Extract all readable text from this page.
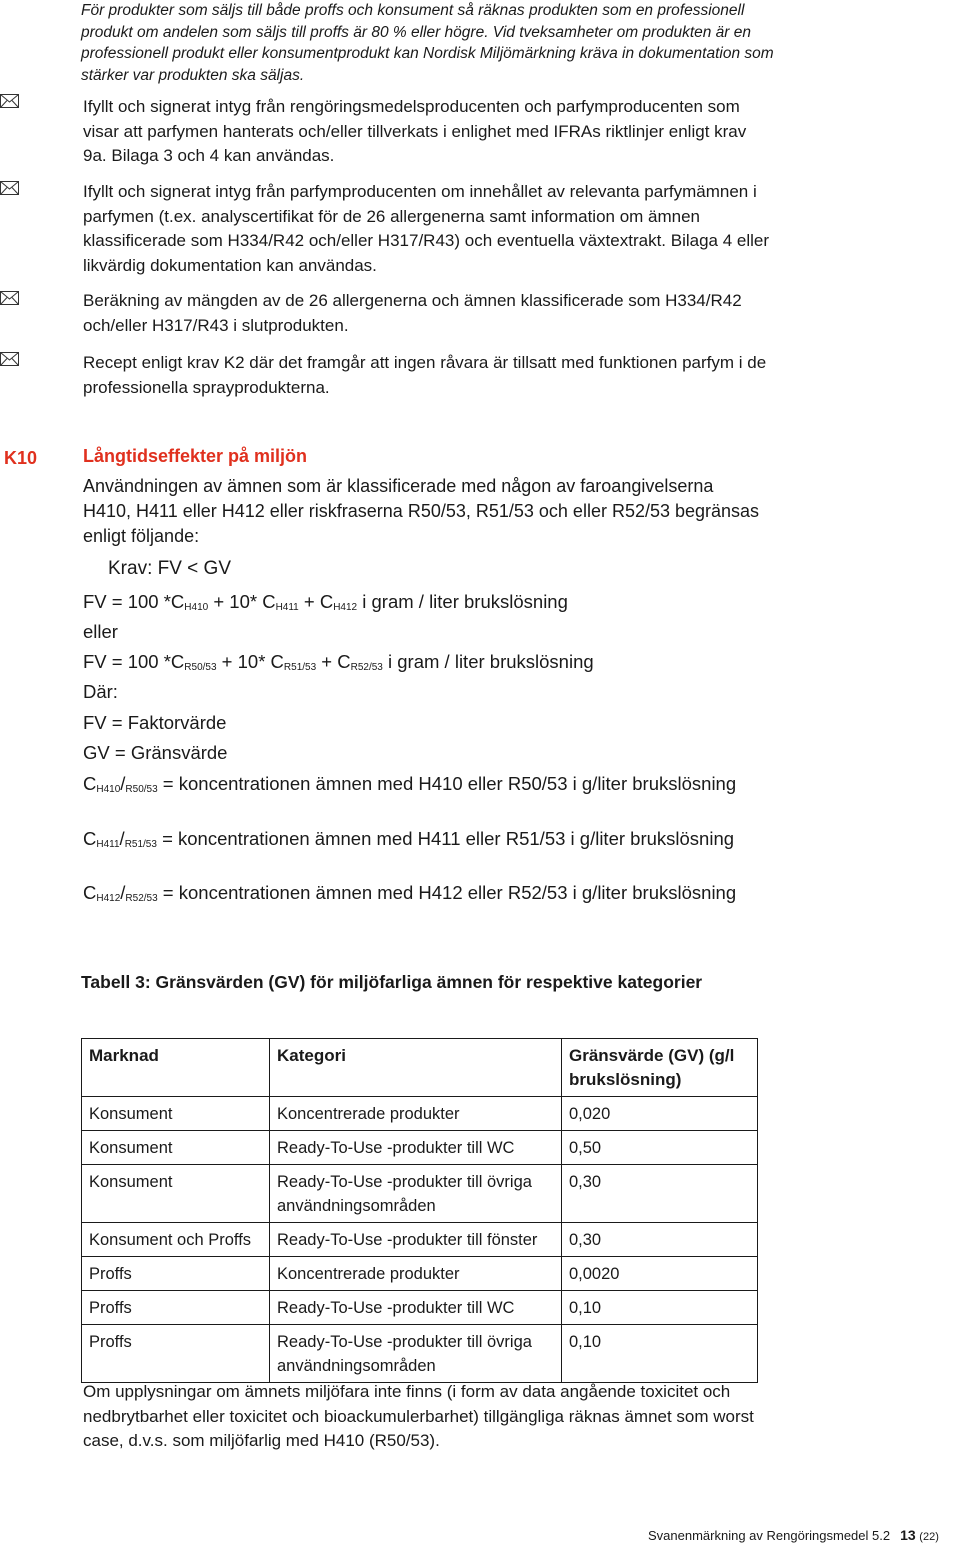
För produkter som säljs till både proffs och konsument så räknas produkten som en professionell produkt om andelen som säljs till proffs är 80 % eller högre. Vid tveksamheter om produkten är en professionell produkt eller konsumentprodukt kan Nordisk Miljömärkning kräva in dokumentation som stärker var produkten ska säljas.
Ifyllt och signerat intyg från rengöringsmedelsproducenten och parfymproducenten som visar att parfymen hanterats och/eller tillverkats i enlighet med IFRAs riktlinjer enligt krav 9a. Bilaga 3 och 4 kan användas.
Ifyllt och signerat intyg från parfymproducenten om innehållet av relevanta parfymämnen i parfymen (t.ex. analyscertifikat för de 26 allergenerna samt information om ämnen klassificerade som H334/R42 och/eller H317/R43) och eventuella växtextrakt. Bilaga 4 eller likvärdig dokumentation kan användas.
Beräkning av mängden av de 26 allergenerna och ämnen klassificerade som H334/R42 och/eller H317/R43 i slutprodukten.
Recept enligt krav K2 där det framgår att ingen råvara är tillsatt med funktionen parfym i de professionella sprayprodukterna.
K10	Långtidseffekter på miljön
Användningen av ämnen som är klassificerade med någon av faroangivelserna H410, H411 eller H412 eller riskfraserna R50/53, R51/53 och eller R52/53 begränsas enligt följande:
Krav: FV < GV
FV = 100 $*C_{H410} + 10*$ $C_{H411} + C_{H412}$ i gram / liter brukslösning
eller
FV = 100 $*C_{R50/53} + 10*$ $C_{R51/53} + C_{R52/53}$ i gram / liter brukslösning
Där:
FV = Faktorvärde
GV = Gränsvärde
$C_{H410}/_{R50/53}$ = koncentrationen ämnen med H410 eller R50/53 i g/liter brukslösning
$C_{H411}/_{R51/53}$ = koncentrationen ämnen med H411 eller R51/53 i g/liter brukslösning
$C_{H412}/_{R52/53}$ = koncentrationen ämnen med H412 eller R52/53 i g/liter brukslösning
Tabell 3: Gränsvärden (GV) för miljöfarliga ämnen för respektive kategorier
Marknad	Kategori	Gränsvärde (GV) (g/l brukslösning)
Konsument	Koncentrerade produkter	0,020
Konsument	Ready-To-Use -produkter till WC	0,50
Konsument	Ready-To-Use -produkter till övriga användningsområden	0,30
Konsument och Proffs	Ready-To-Use -produkter till fönster	0,30
Proffs	Koncentrerade produkter	0,0020
Proffs	Ready-To-Use -produkter till WC	0,10
Proffs	Ready-To-Use -produkter till övriga användningsområden	0,10
Om upplysningar om ämnets miljöfara inte finns (i form av data angående toxicitet och nedbrytbarhet eller toxicitet och bioackumulerbarhet) tillgängliga räknas ämnet som worst case, d.v.s. som miljöfarlig med H410 (R50/53).
Svanenmärkning av Rengöringsmedel 5.2 13 (22)
